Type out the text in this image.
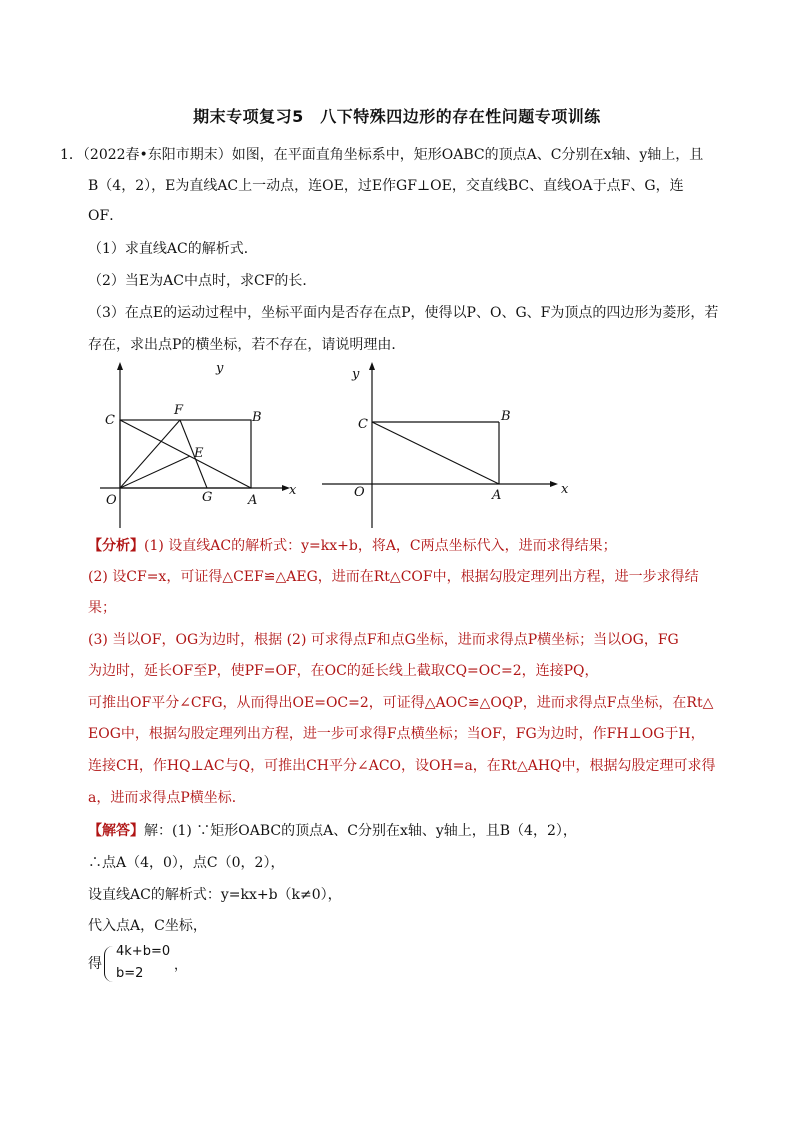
期末专项复习5　八下特殊四边形的存在性问题专项训练
1．（2022春•东阳市期末）如图，在平面直角坐标系中，矩形OABC的顶点A、C分别在x轴、y轴上，且
B（4，2），E为直线AC上一动点，连OE，过E作GF⊥OE，交直线BC、直线OA于点F、G，连
OF．
（1）求直线AC的解析式．
（2）当E为AC中点时，求CF的长．
（3）在点E的运动过程中，坐标平面内是否存在点P，使得以P、O、G、F为顶点的四边形为菱形，若
存在，求出点P的横坐标，若不存在，请说明理由．
y
C
F	B
E
O	G	A
x
y
C
B
O	A	x
【分析】(1) 设直线AC的解析式：y=kx+b，将A，C两点坐标代入，进而求得结果；
(2) 设CF=x，可证得△CEF≌△AEG，进而在Rt△COF中，根据勾股定理列出方程，进一步求得结
果；
(3) 当以OF，OG为边时，根据 (2) 可求得点F和点G坐标，进而求得点P横坐标；当以OG，FG
为边时，延长OF至P，使PF=OF，在OC的延长线上截取CQ=OC=2，连接PQ，
可推出OF平分∠CFG，从而得出OE=OC=2，可证得△AOC≌△OQP，进而求得点F点坐标，在Rt△
EOG中，根据勾股定理列出方程，进一步可求得F点横坐标；当OF，FG为边时，作FH⊥OG于H，
连接CH，作HQ⊥AC与Q，可推出CH平分∠ACO，设OH=a，在Rt△AHQ中，根据勾股定理可求得
a，进而求得点P横坐标．
【解答】解：(1) ∵矩形OABC的顶点A、C分别在x轴、y轴上，且B（4，2），
∴点A（4，0），点C（0，2），
设直线AC的解析式：y=kx+b（k≠0），
代入点A，C坐标，
得
4k+b=0
b=2
，
